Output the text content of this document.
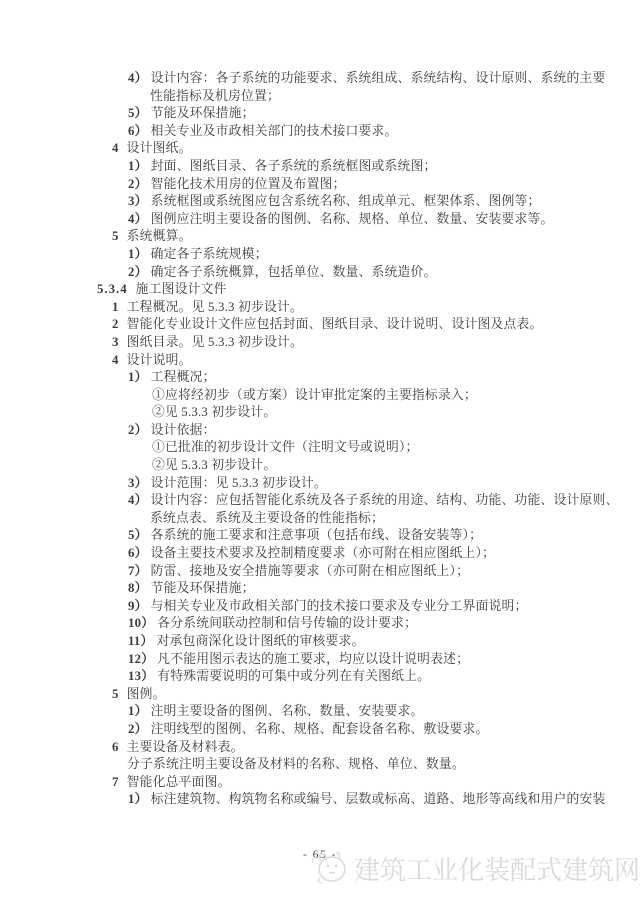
4） 设计内容：各子系统的功能要求、系统组成、系统结构、设计原则、系统的主要
性能指标及机房位置；
5） 节能及环保措施；
6） 相关专业及市政相关部门的技术接口要求。
4 设计图纸。
1） 封面、图纸目录、各子系统的系统框图或系统图；
2） 智能化技术用房的位置及布置图；
3） 系统框图或系统图应包含系统名称、组成单元、框架体系、图例等；
4） 图例应注明主要设备的图例、名称、规格、单位、数量、安装要求等。
5 系统概算。
1） 确定各子系统规模；
2） 确定各子系统概算，包括单位、数量、系统造价。
5.3.4 施工图设计文件
1 工程概况。见 5.3.3 初步设计。
2 智能化专业设计文件应包括封面、图纸目录、设计说明、设计图及点表。
3 图纸目录。见 5.3.3 初步设计。
4 设计说明。
1） 工程概况；
①应将经初步（或方案）设计审批定案的主要指标录入；
②见 5.3.3 初步设计。
2） 设计依据：
①已批准的初步设计文件（注明文号或说明）；
②见 5.3.3 初步设计。
3） 设计范围：见 5.3.3 初步设计。
4） 设计内容：应包括智能化系统及各子系统的用途、结构、功能、功能、设计原则、
系统点表、系统及主要设备的性能指标；
5） 各系统的施工要求和注意事项（包括布线、设备安装等）；
6） 设备主要技术要求及控制精度要求（亦可附在相应图纸上）；
7） 防雷、接地及安全措施等要求（亦可附在相应图纸上）；
8） 节能及环保措施；
9） 与相关专业及市政相关部门的技术接口要求及专业分工界面说明；
10） 各分系统间联动控制和信号传输的设计要求；
11） 对承包商深化设计图纸的审核要求。
12） 凡不能用图示表达的施工要求，均应以设计说明表述；
13） 有特殊需要说明的可集中或分列在有关图纸上。
5 图例。
1） 注明主要设备的图例、名称、数量、安装要求。
2） 注明线型的图例、名称、规格、配套设备名称、敷设要求。
6 主要设备及材料表。
分子系统注明主要设备及材料的名称、规格、单位、数量。
7 智能化总平面图。
1） 标注建筑物、构筑物名称或编号、层数或标高、道路、地形等高线和用户的安装
- 65 -
建筑工业化装配式建筑网
